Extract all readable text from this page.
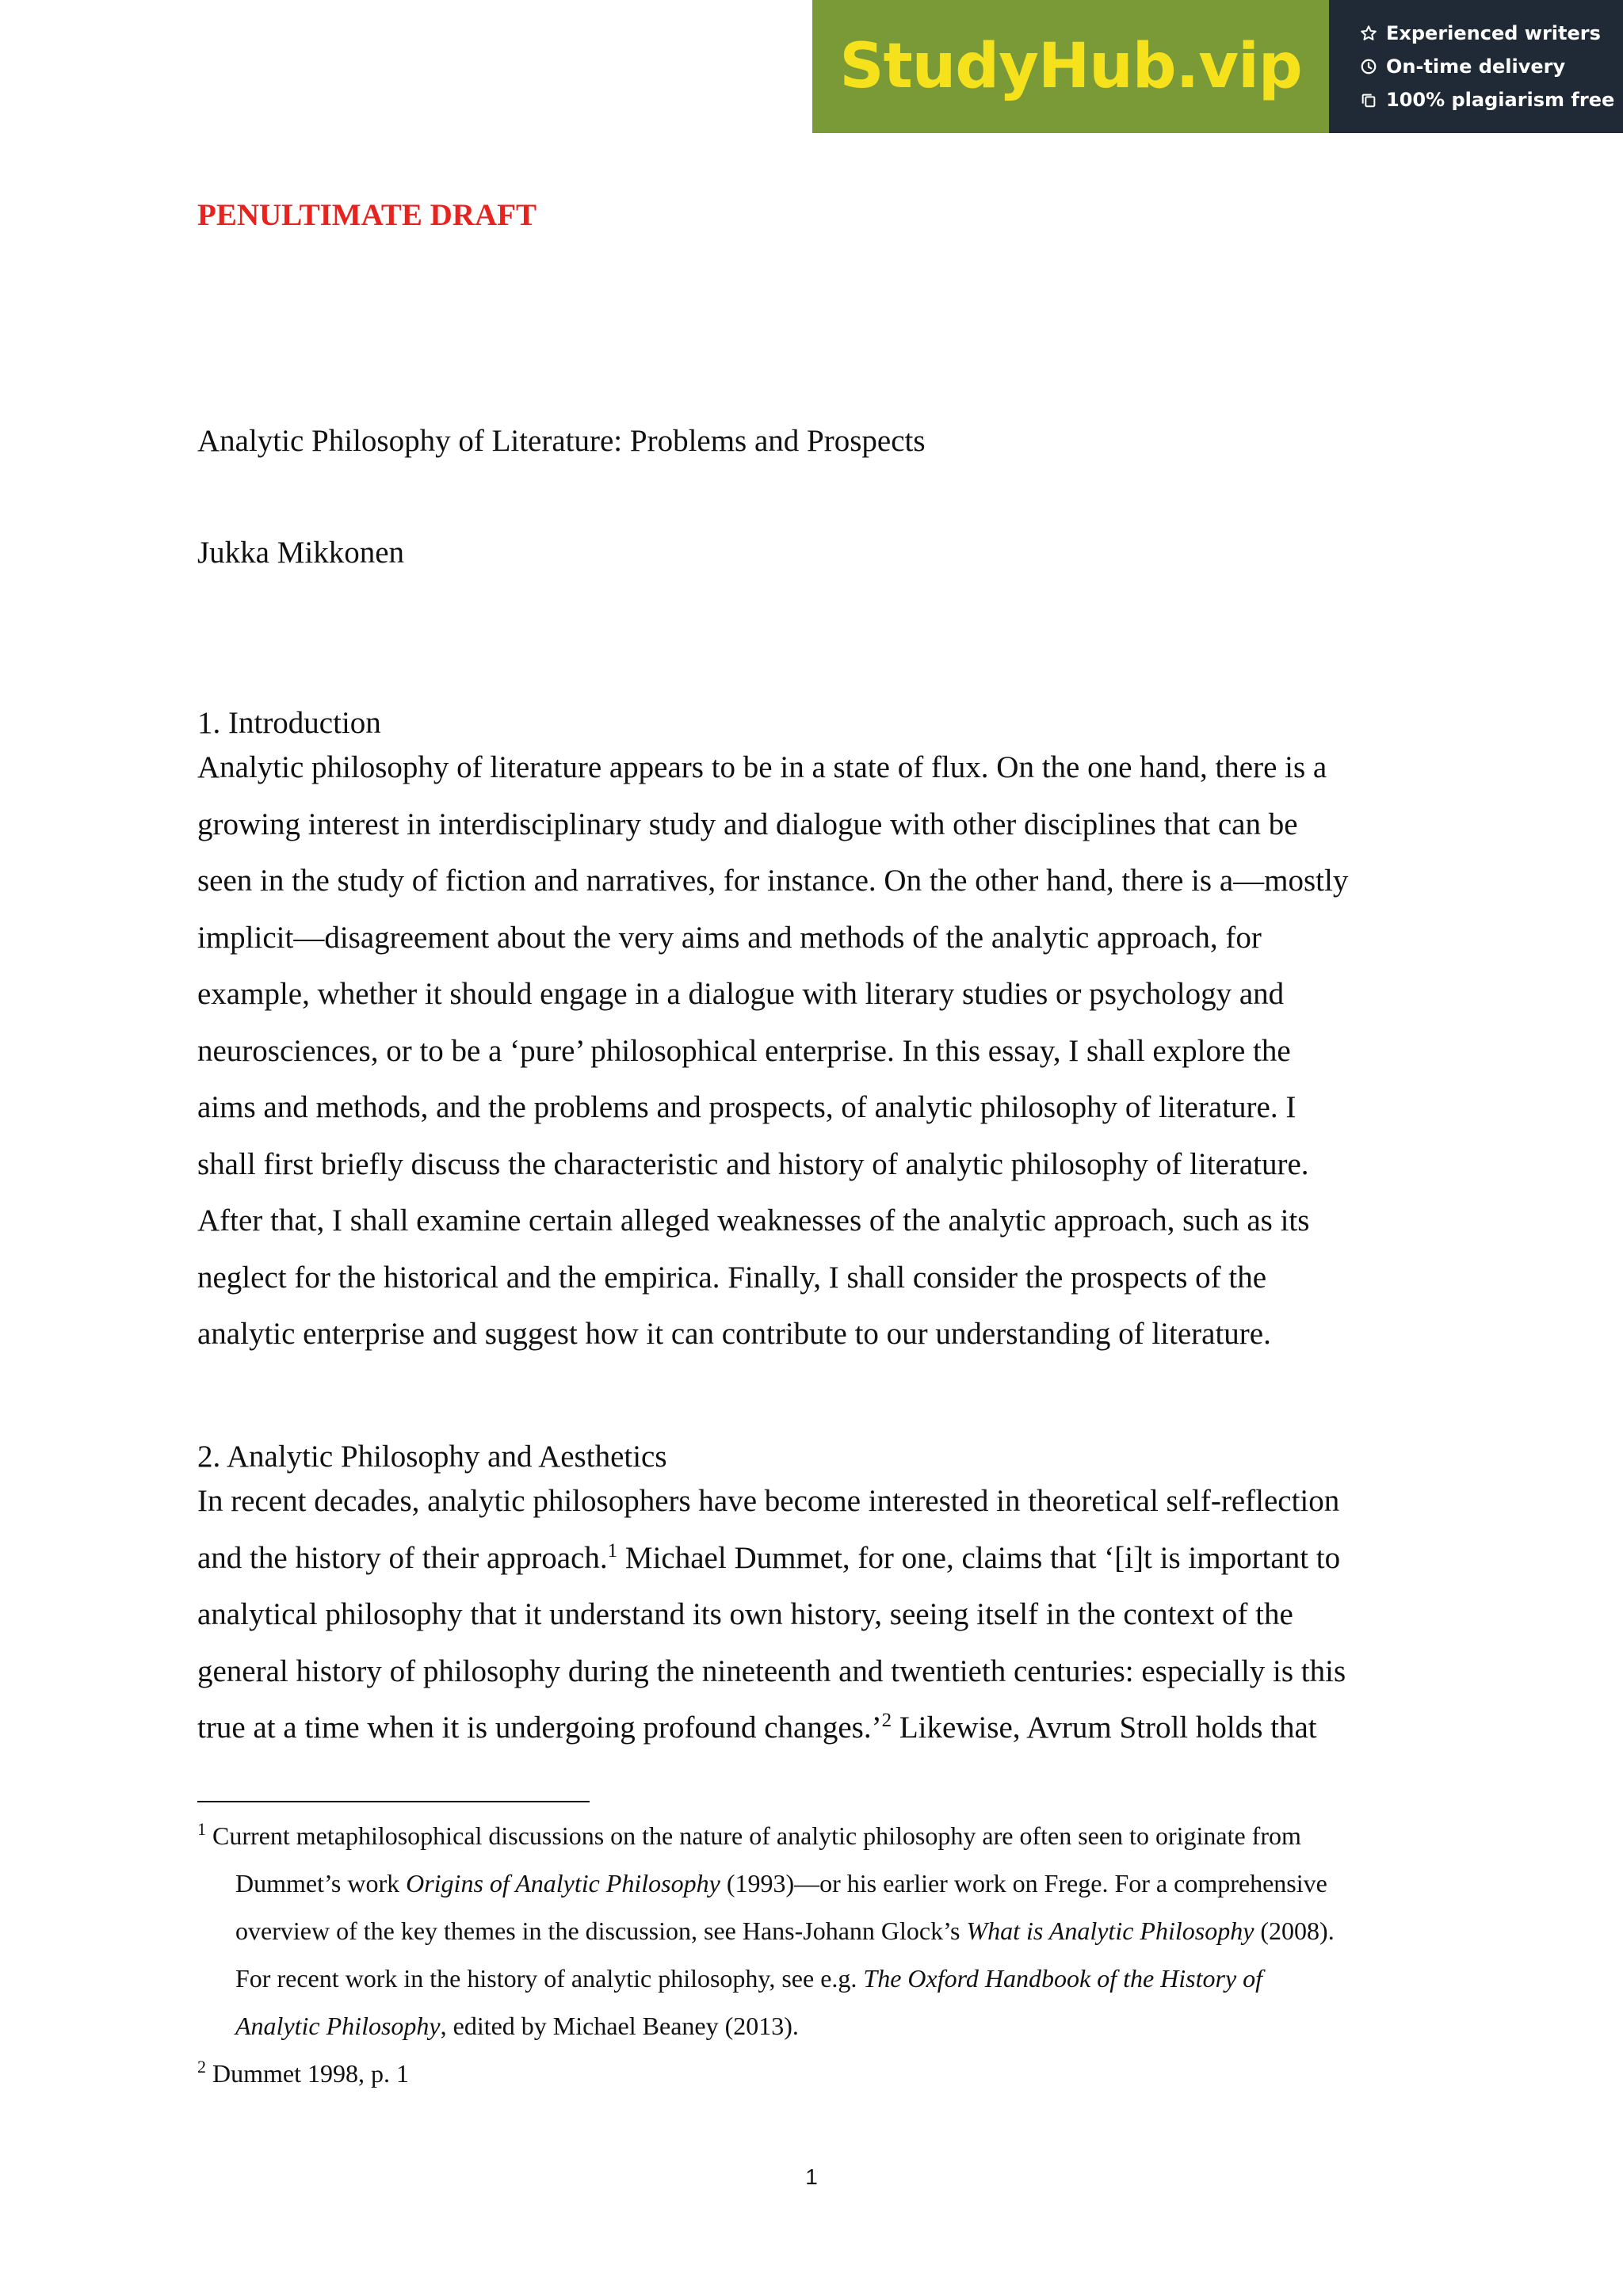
StudyHub.vip	Experienced writers
On-time delivery
100% plagiarism free
PENULTIMATE DRAFT
Analytic Philosophy of Literature: Problems and Prospects
Jukka Mikkonen
1. Introduction
Analytic philosophy of literature appears to be in a state of flux. On the one hand, there is a
growing interest in interdisciplinary study and dialogue with other disciplines that can be
seen in the study of fiction and narratives, for instance. On the other hand, there is a—mostly
implicit—disagreement about the very aims and methods of the analytic approach, for
example, whether it should engage in a dialogue with literary studies or psychology and
neurosciences, or to be a ‘pure’ philosophical enterprise. In this essay, I shall explore the
aims and methods, and the problems and prospects, of analytic philosophy of literature. I
shall first briefly discuss the characteristic and history of analytic philosophy of literature.
After that, I shall examine certain alleged weaknesses of the analytic approach, such as its
neglect for the historical and the empirica. Finally, I shall consider the prospects of the
analytic enterprise and suggest how it can contribute to our understanding of literature.
2. Analytic Philosophy and Aesthetics
In recent decades, analytic philosophers have become interested in theoretical self-reflection
and the history of their approach.$^1$ Michael Dummet, for one, claims that ‘[i]t is important to
analytical philosophy that it understand its own history, seeing itself in the context of the
general history of philosophy during the nineteenth and twentieth centuries: especially is this
true at a time when it is undergoing profound changes.’$^2$ Likewise, Avrum Stroll holds that
$^1$ Current metaphilosophical discussions on the nature of analytic philosophy are often seen to originate from
Dummet’s work Origins of Analytic Philosophy (1993)—or his earlier work on Frege. For a comprehensive
overview of the key themes in the discussion, see Hans-Johann Glock’s What is Analytic Philosophy (2008).
For recent work in the history of analytic philosophy, see e.g. The Oxford Handbook of the History of
Analytic Philosophy, edited by Michael Beaney (2013).
$^2$ Dummet 1998, p. 1
1
